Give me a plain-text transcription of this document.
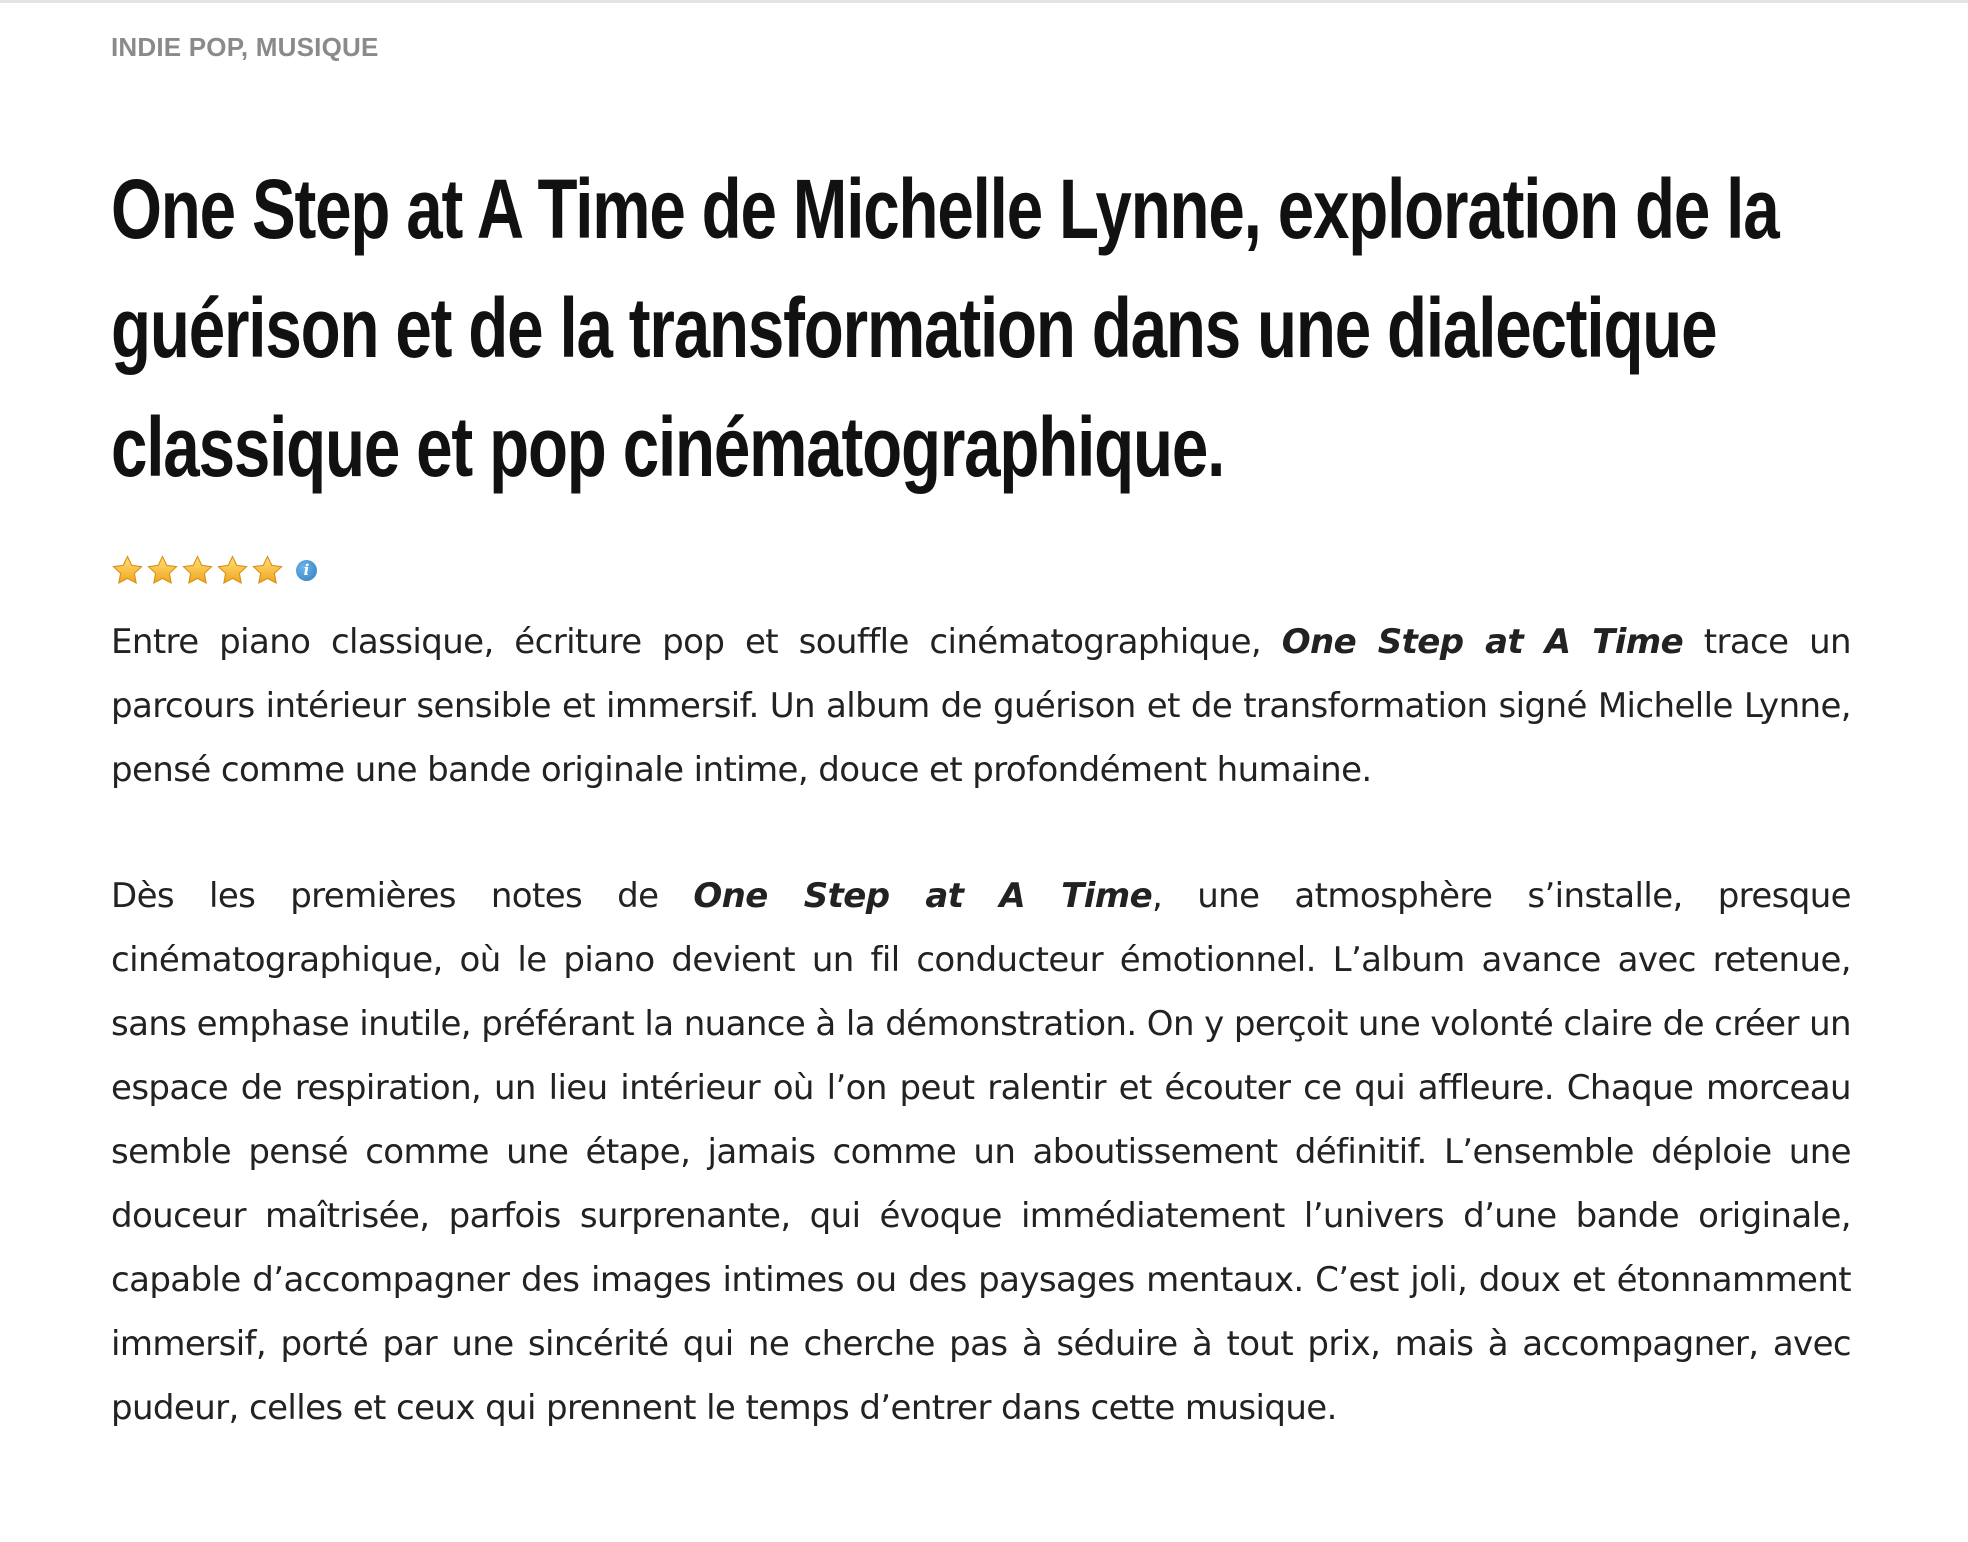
INDIE POP, MUSIQUE
One Step at A Time de Michelle Lynne, exploration de la guérison et de la transformation dans une dialectique classique et pop cinématographique.
i

Entre piano classique, écriture pop et souffle cinématographique, One Step at A Time trace un parcours intérieur sensible et immersif. Un album de guérison et de transformation signé Michelle Lynne, pensé comme une bande originale intime, douce et profondément humaine.

Dès les premières notes de One Step at A Time, une atmosphère s’installe, presque cinématographique, où le piano devient un fil conducteur émotionnel. L’album avance avec retenue, sans emphase inutile, préférant la nuance à la démonstration. On y perçoit une volonté claire de créer un espace de respiration, un lieu intérieur où l’on peut ralentir et écouter ce qui affleure. Chaque morceau semble pensé comme une étape, jamais comme un aboutissement définitif. L’ensemble déploie une douceur maîtrisée, parfois surprenante, qui évoque immédiatement l’univers d’une bande originale, capable d’accompagner des images intimes ou des paysages mentaux. C’est joli, doux et étonnamment immersif, porté par une sincérité qui ne cherche pas à séduire à tout prix, mais à accompagner, avec pudeur, celles et ceux qui prennent le temps d’entrer dans cette musique.
